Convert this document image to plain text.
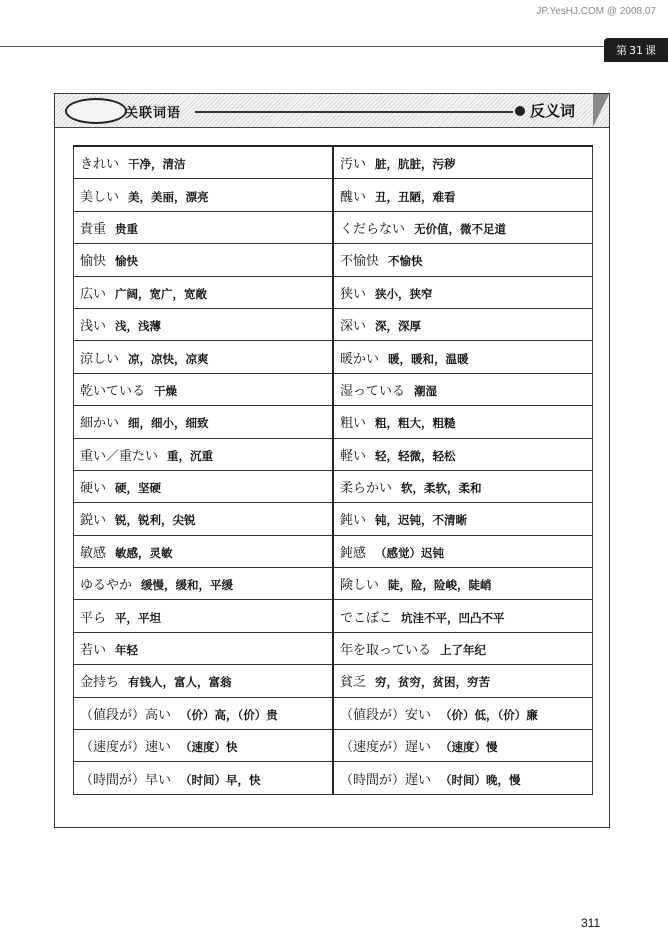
JP.YesHJ.COM @ 2008.07
第 31 课
关联词语	反义词
きれい 干净，清洁	汚い 脏，肮脏，污秽
美しい 美，美丽，漂亮	醜い 丑，丑陋，难看
貴重 贵重	くだらない 无价值，微不足道
愉快 愉快	不愉快 不愉快
広い 广阔，宽广，宽敞	狭い 狭小，狭窄
浅い 浅，浅薄	深い 深，深厚
涼しい 凉，凉快，凉爽	暖かい 暖，暖和，温暖
乾いている 干燥	湿っている 潮湿
細かい 细，细小，细致	粗い 粗，粗大，粗糙
重い／重たい 重，沉重	軽い 轻，轻微，轻松
硬い 硬，坚硬	柔らかい 软，柔软，柔和
鋭い 锐，锐利，尖锐	鈍い 钝，迟钝，不清晰
敏感 敏感，灵敏	鈍感 （感觉）迟钝
ゆるやか 缓慢，缓和，平缓	険しい 陡，险，险峻，陡峭
平ら 平，平坦	でこぼこ 坑洼不平，凹凸不平
若い 年轻	年を取っている 上了年纪
金持ち 有钱人，富人，富翁	貧乏 穷，贫穷，贫困，穷苦
（値段が）高い （价）高，（价）贵	（値段が）安い （价）低，（价）廉
（速度が）速い （速度）快	（速度が）遅い （速度）慢
（時間が）早い （时间）早，快	（時間が）遅い （时间）晚，慢
311
